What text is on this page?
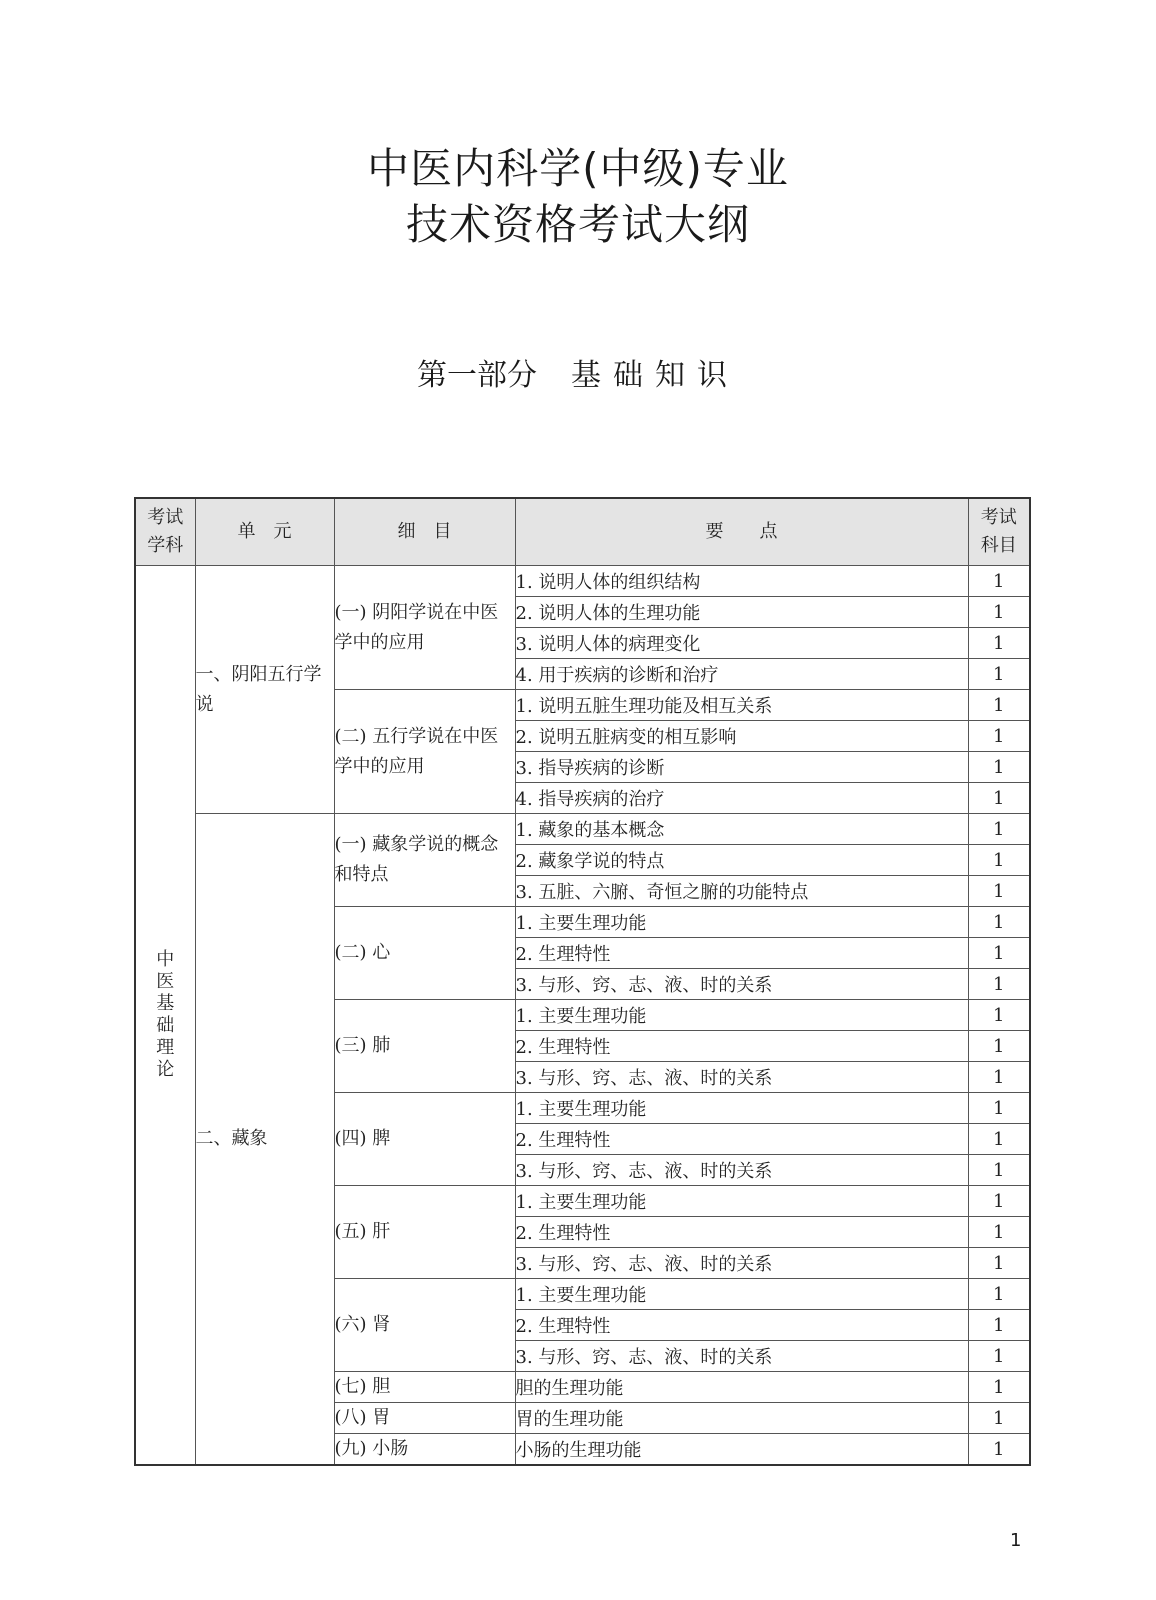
中医内科学(中级)专业
技术资格考试大纲
第一部分 基础知识
考试学科	单　元	细　目	要　　点	考试科目
中医基础理论	一、阴阳五行学说	(一) 阴阳学说在中医学中的应用	1. 说明人体的组织结构	1
			2. 说明人体的生理功能	1
			3. 说明人体的病理变化	1
			4. 用于疾病的诊断和治疗	1
		(二) 五行学说在中医学中的应用	1. 说明五脏生理功能及相互关系	1
			2. 说明五脏病变的相互影响	1
			3. 指导疾病的诊断	1
			4. 指导疾病的治疗	1
	二、藏象	(一) 藏象学说的概念和特点	1. 藏象的基本概念	1
			2. 藏象学说的特点	1
			3. 五脏、六腑、奇恒之腑的功能特点	1
		(二) 心	1. 主要生理功能	1
			2. 生理特性	1
			3. 与形、窍、志、液、时的关系	1
		(三) 肺	1. 主要生理功能	1
			2. 生理特性	1
			3. 与形、窍、志、液、时的关系	1
		(四) 脾	1. 主要生理功能	1
			2. 生理特性	1
			3. 与形、窍、志、液、时的关系	1
		(五) 肝	1. 主要生理功能	1
			2. 生理特性	1
			3. 与形、窍、志、液、时的关系	1
		(六) 肾	1. 主要生理功能	1
			2. 生理特性	1
			3. 与形、窍、志、液、时的关系	1
		(七) 胆	胆的生理功能	1
		(八) 胃	胃的生理功能	1
		(九) 小肠	小肠的生理功能	1
1
